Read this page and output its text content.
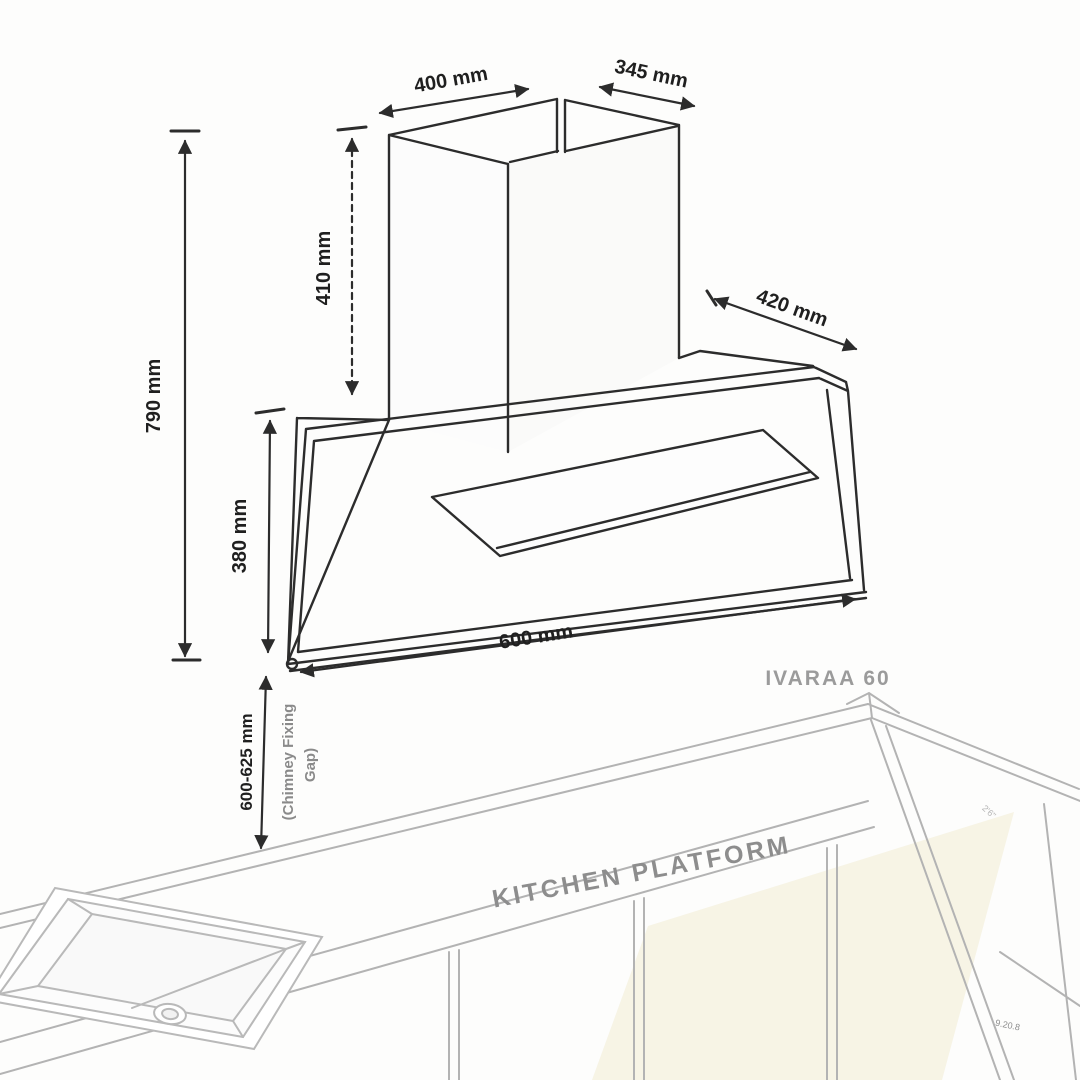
400 mm	345 mm
410 mm
790 mm
380 mm
420 mm
600 mm
600-625 mm (Chimney Fixing Gap)
IVARAA 60
KITCHEN PLATFORM
2'6"
9.20.8
